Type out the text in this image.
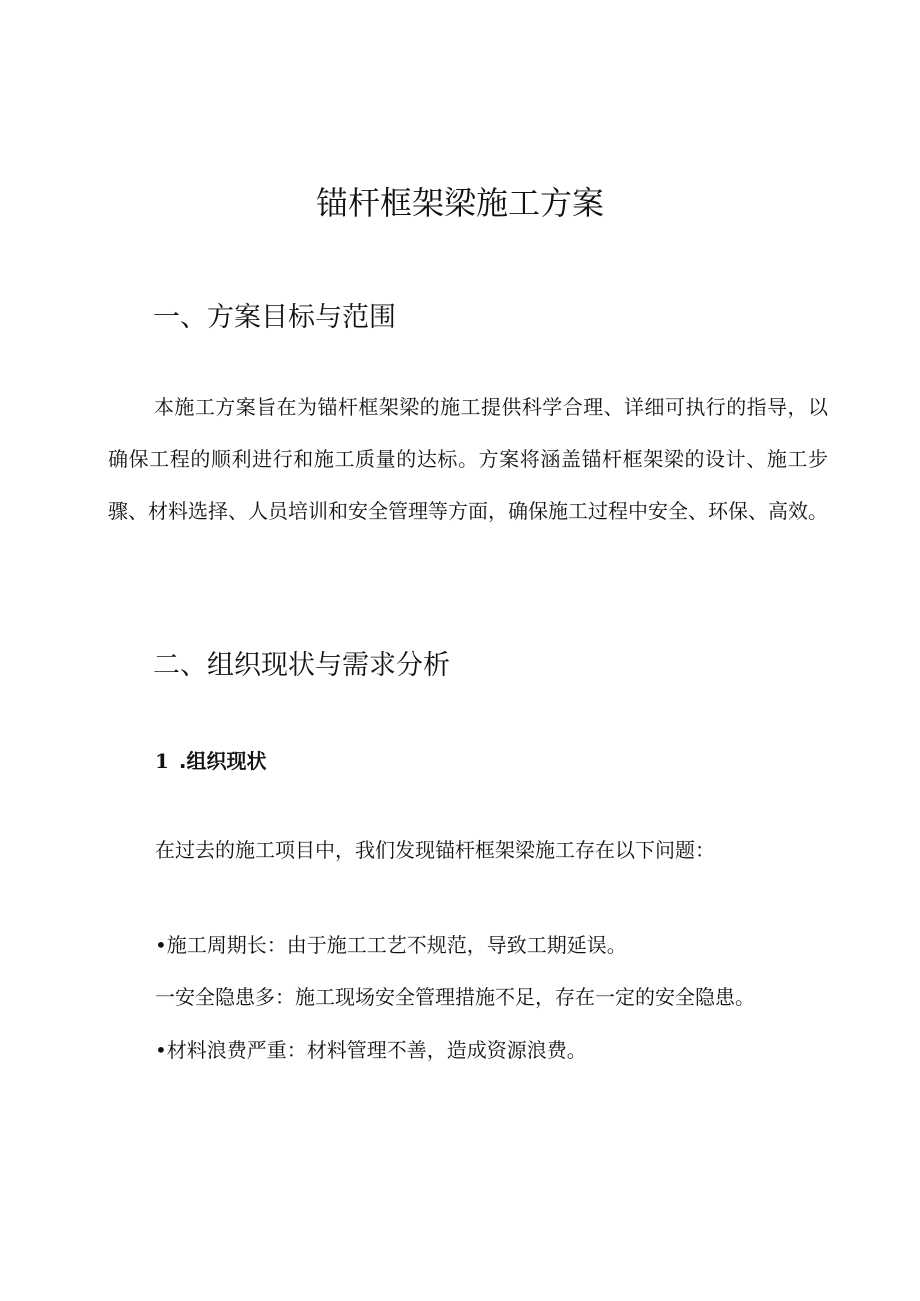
锚杆框架梁施工方案
一、方案目标与范围

本施工方案旨在为锚杆框架梁的施工提供科学合理、详细可执行的指导，以确保工程的顺利进行和施工质量的达标。方案将涵盖锚杆框架梁的设计、施工步骤、材料选择、人员培训和安全管理等方面，确保施工过程中安全、环保、高效。

二、组织现状与需求分析
1 .组织现状

在过去的施工项目中，我们发现锚杆框架梁施工存在以下问题：

•施工周期长：由于施工工艺不规范，导致工期延误。

一安全隐患多：施工现场安全管理措施不足，存在一定的安全隐患。

•材料浪费严重：材料管理不善，造成资源浪费。
